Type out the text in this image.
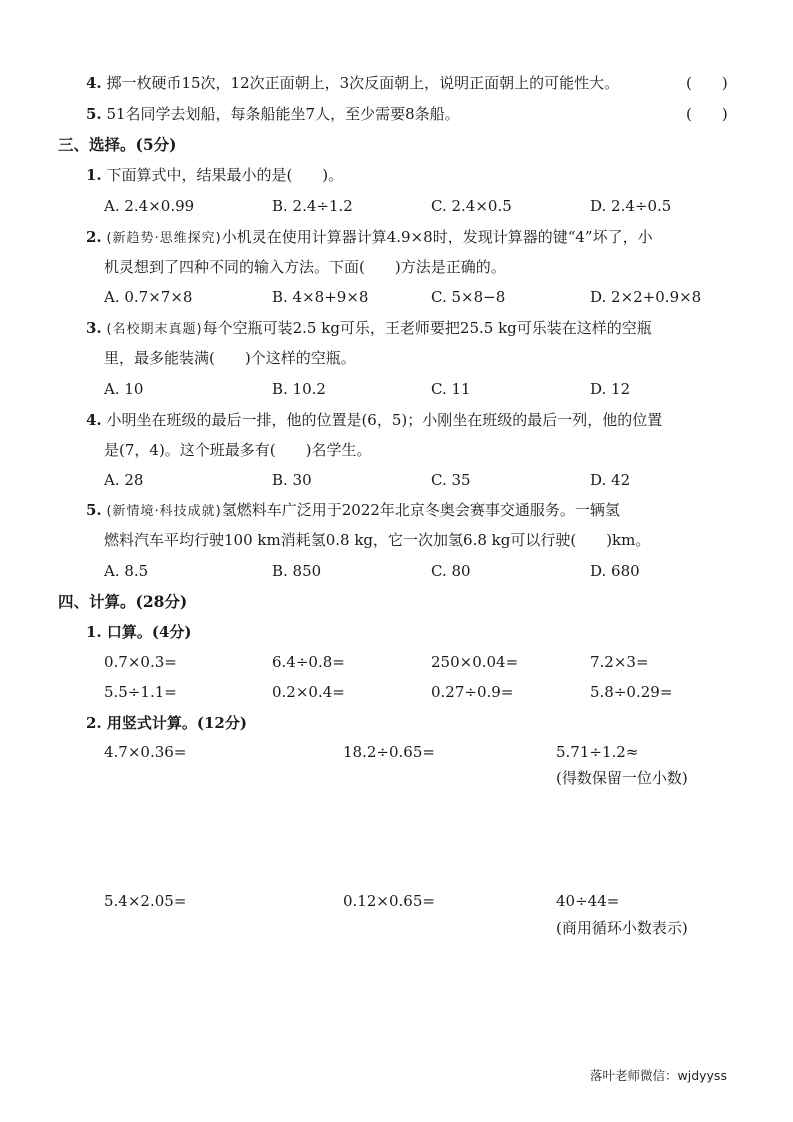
4. 掷一枚硬币15次，12次正面朝上，3次反面朝上，说明正面朝上的可能性大。	(　　)
5. 51名同学去划船，每条船能坐7人，至少需要8条船。	(　　)
三、选择。(5分)
1. 下面算式中，结果最小的是(　　)。
A. 2.4×0.99	B. 2.4÷1.2	C. 2.4×0.5	D. 2.4÷0.5
2. (新趋势·思维探究)小机灵在使用计算器计算4.9×8时，发现计算器的键“4”坏了，小
机灵想到了四种不同的输入方法。下面(　　)方法是正确的。
A. 0.7×7×8	B. 4×8+9×8	C. 5×8−8	D. 2×2+0.9×8
3. (名校期末真题)每个空瓶可装2.5 kg可乐，王老师要把25.5 kg可乐装在这样的空瓶
里，最多能装满(　　)个这样的空瓶。
A. 10	B. 10.2	C. 11	D. 12
4. 小明坐在班级的最后一排，他的位置是(6，5)；小刚坐在班级的最后一列，他的位置
是(7，4)。这个班最多有(　　)名学生。
A. 28	B. 30	C. 35	D. 42
5. (新情境·科技成就)氢燃料车广泛用于2022年北京冬奥会赛事交通服务。一辆氢
燃料汽车平均行驶100 km消耗氢0.8 kg，它一次加氢6.8 kg可以行驶(　　)km。
A. 8.5	B. 850	C. 80	D. 680
四、计算。(28分)
1. 口算。(4分)
0.7×0.3=	6.4÷0.8=	250×0.04=	7.2×3=
5.5÷1.1=	0.2×0.4=	0.27÷0.9=	5.8÷0.29=
2. 用竖式计算。(12分)
4.7×0.36=	18.2÷0.65=	5.71÷1.2≈
(得数保留一位小数)
5.4×2.05=	0.12×0.65=	40÷44=
(商用循环小数表示)
落叶老师微信：wjdyyss
